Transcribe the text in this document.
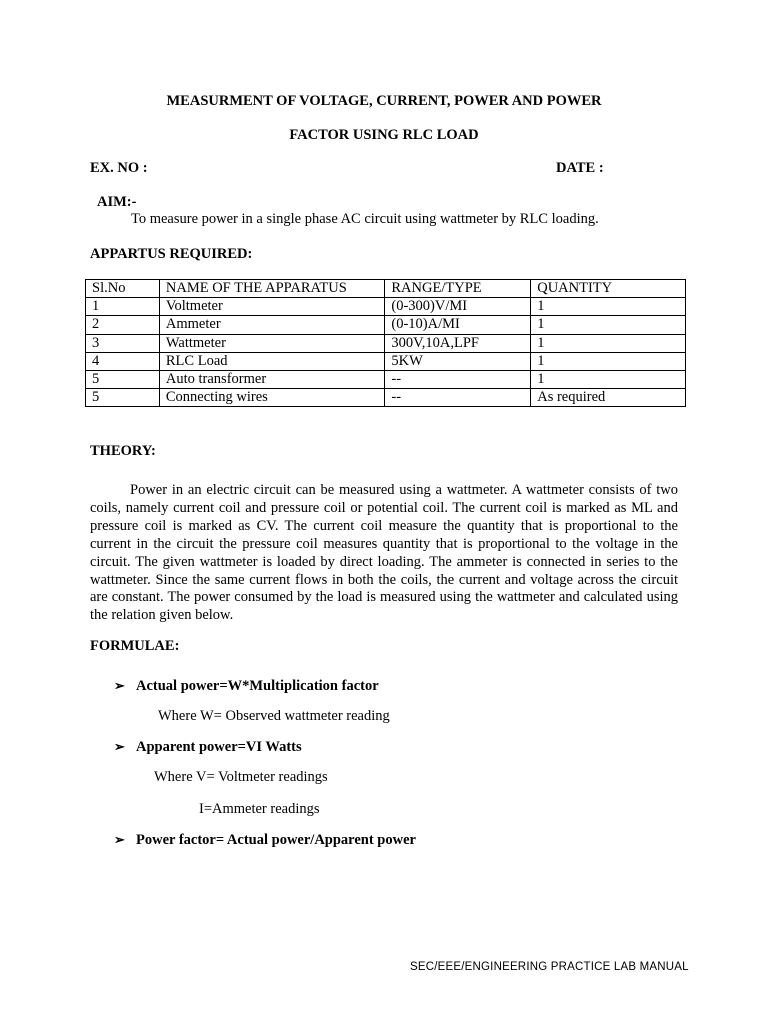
MEASURMENT OF VOLTAGE, CURRENT, POWER AND POWER
FACTOR USING RLC LOAD
EX. NO :	DATE :
AIM:-
To measure power in a single phase AC circuit using wattmeter by RLC loading.
APPARTUS REQUIRED:
Sl.No	NAME OF THE APPARATUS	RANGE/TYPE	QUANTITY
1	Voltmeter	(0-300)V/MI	1
2	Ammeter	(0-10)A/MI	1
3	Wattmeter	300V,10A,LPF	1
4	RLC Load	5KW	1
5	Auto transformer	--	1
5	Connecting wires	--	As required
THEORY:
Power in an electric circuit can be measured using a wattmeter. A wattmeter consists of two coils, namely current coil and pressure coil or potential coil. The current coil is marked as ML and pressure coil is marked as CV. The current coil measure the quantity that is proportional to the current in the circuit the pressure coil measures quantity that is proportional to the voltage in the circuit. The given wattmeter is loaded by direct loading. The ammeter is connected in series to the wattmeter. Since the same current flows in both the coils, the current and voltage across the circuit are constant. The power consumed by the load is measured using the wattmeter and calculated using the relation given below.
FORMULAE:
➢ Actual power=W*Multiplication factor
Where W= Observed wattmeter reading
➢ Apparent power=VI Watts
Where V= Voltmeter readings
I=Ammeter readings
➢ Power factor= Actual power/Apparent power
SEC/EEE/ENGINEERING PRACTICE LAB MANUAL
